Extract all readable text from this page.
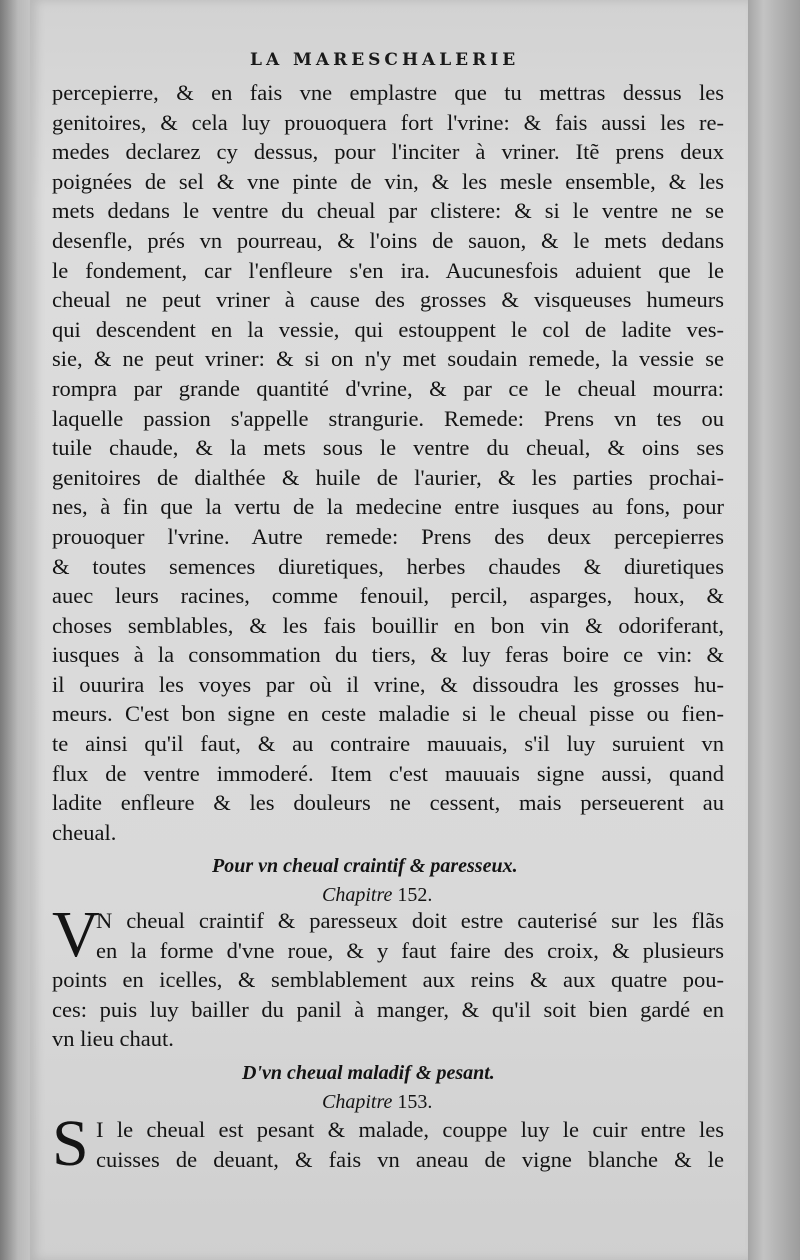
LA MARESCHALERIE
percepierre, & en fais vne emplastre que tu mettras dessus les
genitoires, & cela luy prouoquera fort l'vrine: & fais aussi les re-
medes declarez cy dessus, pour l'inciter à vriner. Itẽ prens deux
poignées de sel & vne pinte de vin, & les mesle ensemble, & les
mets dedans le ventre du cheual par clistere: & si le ventre ne se
desenfle, prés vn pourreau, & l'oins de sauon, & le mets dedans
le fondement, car l'enfleure s'en ira. Aucunesfois aduient que le
cheual ne peut vriner à cause des grosses & visqueuses humeurs
qui descendent en la vessie, qui estouppent le col de ladite ves-
sie, & ne peut vriner: & si on n'y met soudain remede, la vessie se
rompra par grande quantité d'vrine, & par ce le cheual mourra:
laquelle passion s'appelle strangurie. Remede: Prens vn tes ou
tuile chaude, & la mets sous le ventre du cheual, & oins ses
genitoires de dialthée & huile de l'aurier, & les parties prochai-
nes, à fin que la vertu de la medecine entre iusques au fons, pour
prouoquer l'vrine. Autre remede: Prens des deux percepierres
& toutes semences diuretiques, herbes chaudes & diuretiques
auec leurs racines, comme fenouil, percil, asparges, houx, &
choses semblables, & les fais bouillir en bon vin & odoriferant,
iusques à la consommation du tiers, & luy feras boire ce vin: &
il ouurira les voyes par où il vrine, & dissoudra les grosses hu-
meurs. C'est bon signe en ceste maladie si le cheual pisse ou fien-
te ainsi qu'il faut, & au contraire mauuais, s'il luy suruient vn
flux de ventre immoderé. Item c'est mauuais signe aussi, quand
ladite enfleure & les douleurs ne cessent, mais perseuerent au
cheual.
Pour vn cheual craintif & paresseux.
Chapitre 152.
V
N cheual craintif & paresseux doit estre cauterisé sur les flãs
en la forme d'vne roue, & y faut faire des croix, & plusieurs
points en icelles, & semblablement aux reins & aux quatre pou-
ces: puis luy bailler du panil à manger, & qu'il soit bien gardé en
vn lieu chaut.
D'vn cheual maladif & pesant.
Chapitre 153.
S I le cheual est pesant & malade, couppe luy le cuir entre les
cuisses de deuant, & fais vn aneau de vigne blanche & le
